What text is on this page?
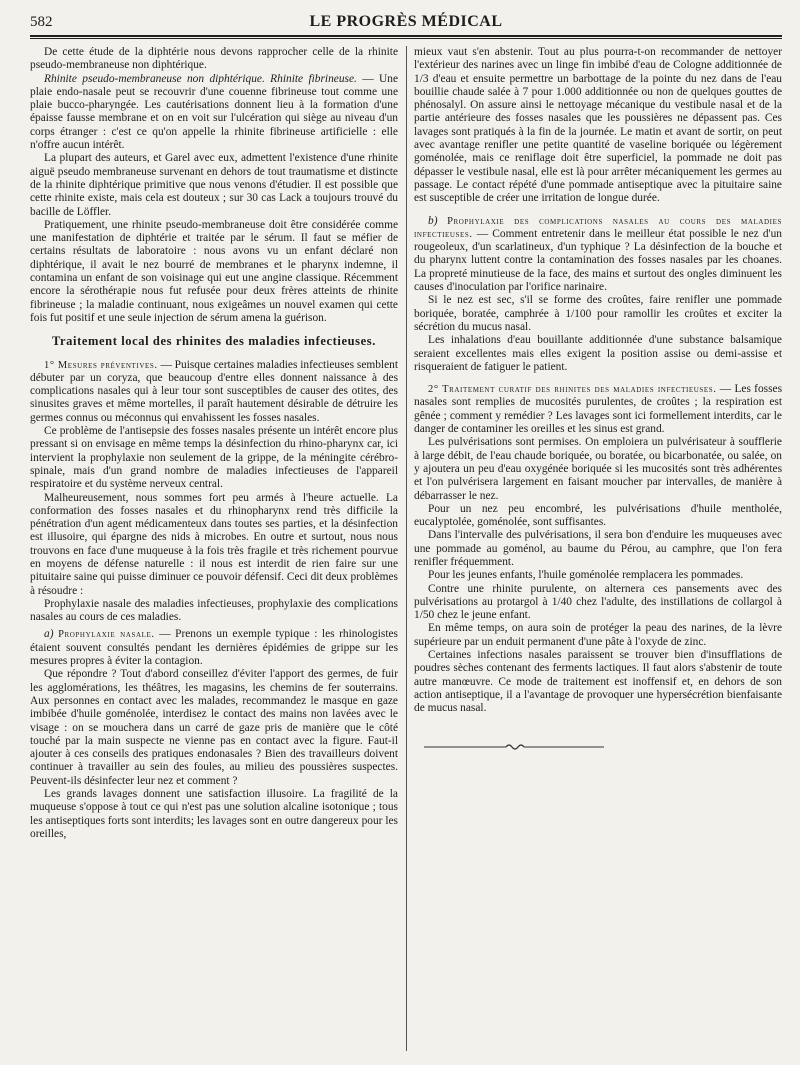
582	LE PROGRÈS MÉDICAL

De cette étude de la diphtérie nous devons rapprocher celle de la rhinite pseudo-membraneuse non diphtérique.

Rhinite pseudo-membraneuse non diphtérique. Rhinite fibrineuse. — Une plaie endo-nasale peut se recouvrir d'une couenne fibrineuse tout comme une plaie bucco-pharyngée. Les cautérisations donnent lieu à la formation d'une épaisse fausse membrane et on en voit sur l'ulcération qui siège au niveau d'un corps étranger : c'est ce qu'on appelle la rhinite fibrineuse artificielle : elle n'offre aucun intérêt.

La plupart des auteurs, et Garel avec eux, admettent l'existence d'une rhinite aiguë pseudo membraneuse survenant en dehors de tout traumatisme et distincte de la rhinite diphtérique primitive que nous venons d'étudier. Il est possible que cette rhinite existe, mais cela est douteux ; sur 30 cas Lack a toujours trouvé du bacille de Löffler.

Pratiquement, une rhinite pseudo-membraneuse doit être considérée comme une manifestation de diphtérie et traitée par le sérum. Il faut se méfier de certains résultats de laboratoire : nous avons vu un enfant déclaré non diphtérique, il avait le nez bourré de membranes et le pharynx indemne, il contamina un enfant de son voisinage qui eut une angine classique. Récemment encore la sérothérapie nous fut refusée pour deux frères atteints de rhinite fibrineuse ; la maladie continuant, nous exigeâmes un nouvel examen qui cette fois fut positif et une seule injection de sérum amena la guérison.

Traitement local des rhinites des maladies infectieuses.

1° Mesures préventives. — Puisque certaines maladies infectieuses semblent débuter par un coryza, que beaucoup d'entre elles donnent naissance à des complications nasales qui à leur tour sont susceptibles de causer des otites, des sinusites graves et même mortelles, il paraît hautement désirable de détruire les germes connus ou méconnus qui envahissent les fosses nasales.

Ce problème de l'antisepsie des fosses nasales présente un intérêt encore plus pressant si on envisage en même temps la désinfection du rhino-pharynx car, ici intervient la prophylaxie non seulement de la grippe, de la méningite cérébro-spinale, mais d'un grand nombre de maladies infectieuses de l'appareil respiratoire et du système nerveux central.

Malheureusement, nous sommes fort peu armés à l'heure actuelle. La conformation des fosses nasales et du rhinopharynx rend très difficile la pénétration d'un agent médicamenteux dans toutes ses parties, et la désinfection est illusoire, qui épargne des nids à microbes. En outre et surtout, nous nous trouvons en face d'une muqueuse à la fois très fragile et très richement pourvue en moyens de défense naturelle : il nous est interdit de rien faire sur une pituitaire saine qui puisse diminuer ce pouvoir défensif. Ceci dit deux problèmes à résoudre :

Prophylaxie nasale des maladies infectieuses, prophylaxie des complications nasales au cours de ces maladies.

a) Prophylaxie nasale. — Prenons un exemple typique : les rhinologistes étaient souvent consultés pendant les dernières épidémies de grippe sur les mesures propres à éviter la contagion.

Que répondre ? Tout d'abord conseillez d'éviter l'apport des germes, de fuir les agglomérations, les théâtres, les magasins, les chemins de fer souterrains. Aux personnes en contact avec les malades, recommandez le masque en gaze imbibée d'huile goménolée, interdisez le contact des mains non lavées avec le visage : on se mouchera dans un carré de gaze pris de manière que le côté touché par la main suspecte ne vienne pas en contact avec la figure. Faut-il ajouter à ces conseils des pratiques endonasales ? Bien des travailleurs doivent continuer à travailler au sein des foules, au milieu des poussières suspectes. Peuvent-ils désinfecter leur nez et comment ?

Les grands lavages donnent une satisfaction illusoire. La fragilité de la muqueuse s'oppose à tout ce qui n'est pas une solution alcaline isotonique ; tous les antiseptiques forts sont interdits; les lavages sont en outre dangereux pour les oreilles,

mieux vaut s'en abstenir. Tout au plus pourra-t-on recommander de nettoyer l'extérieur des narines avec un linge fin imbibé d'eau de Cologne additionnée de 1/3 d'eau et ensuite permettre un barbottage de la pointe du nez dans de l'eau bouillie chaude salée à 7 pour 1.000 additionnée ou non de quelques gouttes de phénosalyl. On assure ainsi le nettoyage mécanique du vestibule nasal et de la partie antérieure des fosses nasales que les poussières ne dépassent pas. Ces lavages sont pratiqués à la fin de la journée. Le matin et avant de sortir, on peut avec avantage renifler une petite quantité de vaseline boriquée ou légèrement goménolée, mais ce reniflage doit être superficiel, la pommade ne doit pas dépasser le vestibule nasal, elle est là pour arrêter mécaniquement les germes au passage. Le contact répété d'une pommade antiseptique avec la pituitaire saine est susceptible de créer une irritation de longue durée.

b) Prophylaxie des complications nasales au cours des maladies infectieuses. — Comment entretenir dans le meilleur état possible le nez d'un rougeoleux, d'un scarlatineux, d'un typhique ? La désinfection de la bouche et du pharynx luttent contre la contamination des fosses nasales par les choanes. La propreté minutieuse de la face, des mains et surtout des ongles diminuent les causes d'inoculation par l'orifice narinaire.

Si le nez est sec, s'il se forme des croûtes, faire renifler une pommade boriquée, boratée, camphrée à 1/100 pour ramollir les croûtes et exciter la sécrétion du mucus nasal.

Les inhalations d'eau bouillante additionnée d'une substance balsamique seraient excellentes mais elles exigent la position assise ou demi-assise et risqueraient de fatiguer le patient.

2° Traitement curatif des rhinites des maladies infectieuses. — Les fosses nasales sont remplies de mucosités purulentes, de croûtes ; la respiration est gênée ; comment y remédier ? Les lavages sont ici formellement interdits, car le danger de contaminer les oreilles et les sinus est grand.

Les pulvérisations sont permises. On emploiera un pulvérisateur à soufflerie à large débit, de l'eau chaude boriquée, ou boratée, ou bicarbonatée, ou salée, on y ajoutera un peu d'eau oxygénée boriquée si les mucosités sont très adhérentes et l'on pulvérisera largement en faisant moucher par intervalles, de manière à débarrasser le nez.

Pour un nez peu encombré, les pulvérisations d'huile mentholée, eucalyptolée, goménolée, sont suffisantes.

Dans l'intervalle des pulvérisations, il sera bon d'enduire les muqueuses avec une pommade au goménol, au baume du Pérou, au camphre, que l'on fera renifler fréquemment.

Pour les jeunes enfants, l'huile goménolée remplacera les pommades.

Contre une rhinite purulente, on alternera ces pansements avec des pulvérisations au protargol à 1/40 chez l'adulte, des instillations de collargol à 1/50 chez le jeune enfant.

En même temps, on aura soin de protéger la peau des narines, de la lèvre supérieure par un enduit permanent d'une pâte à l'oxyde de zinc.

Certaines infections nasales paraissent se trouver bien d'insufflations de poudres sèches contenant des ferments lactiques. Il faut alors s'abstenir de toute autre manœuvre. Ce mode de traitement est inoffensif et, en dehors de son action antiseptique, il a l'avantage de provoquer une hypersécrétion bienfaisante de mucus nasal.
